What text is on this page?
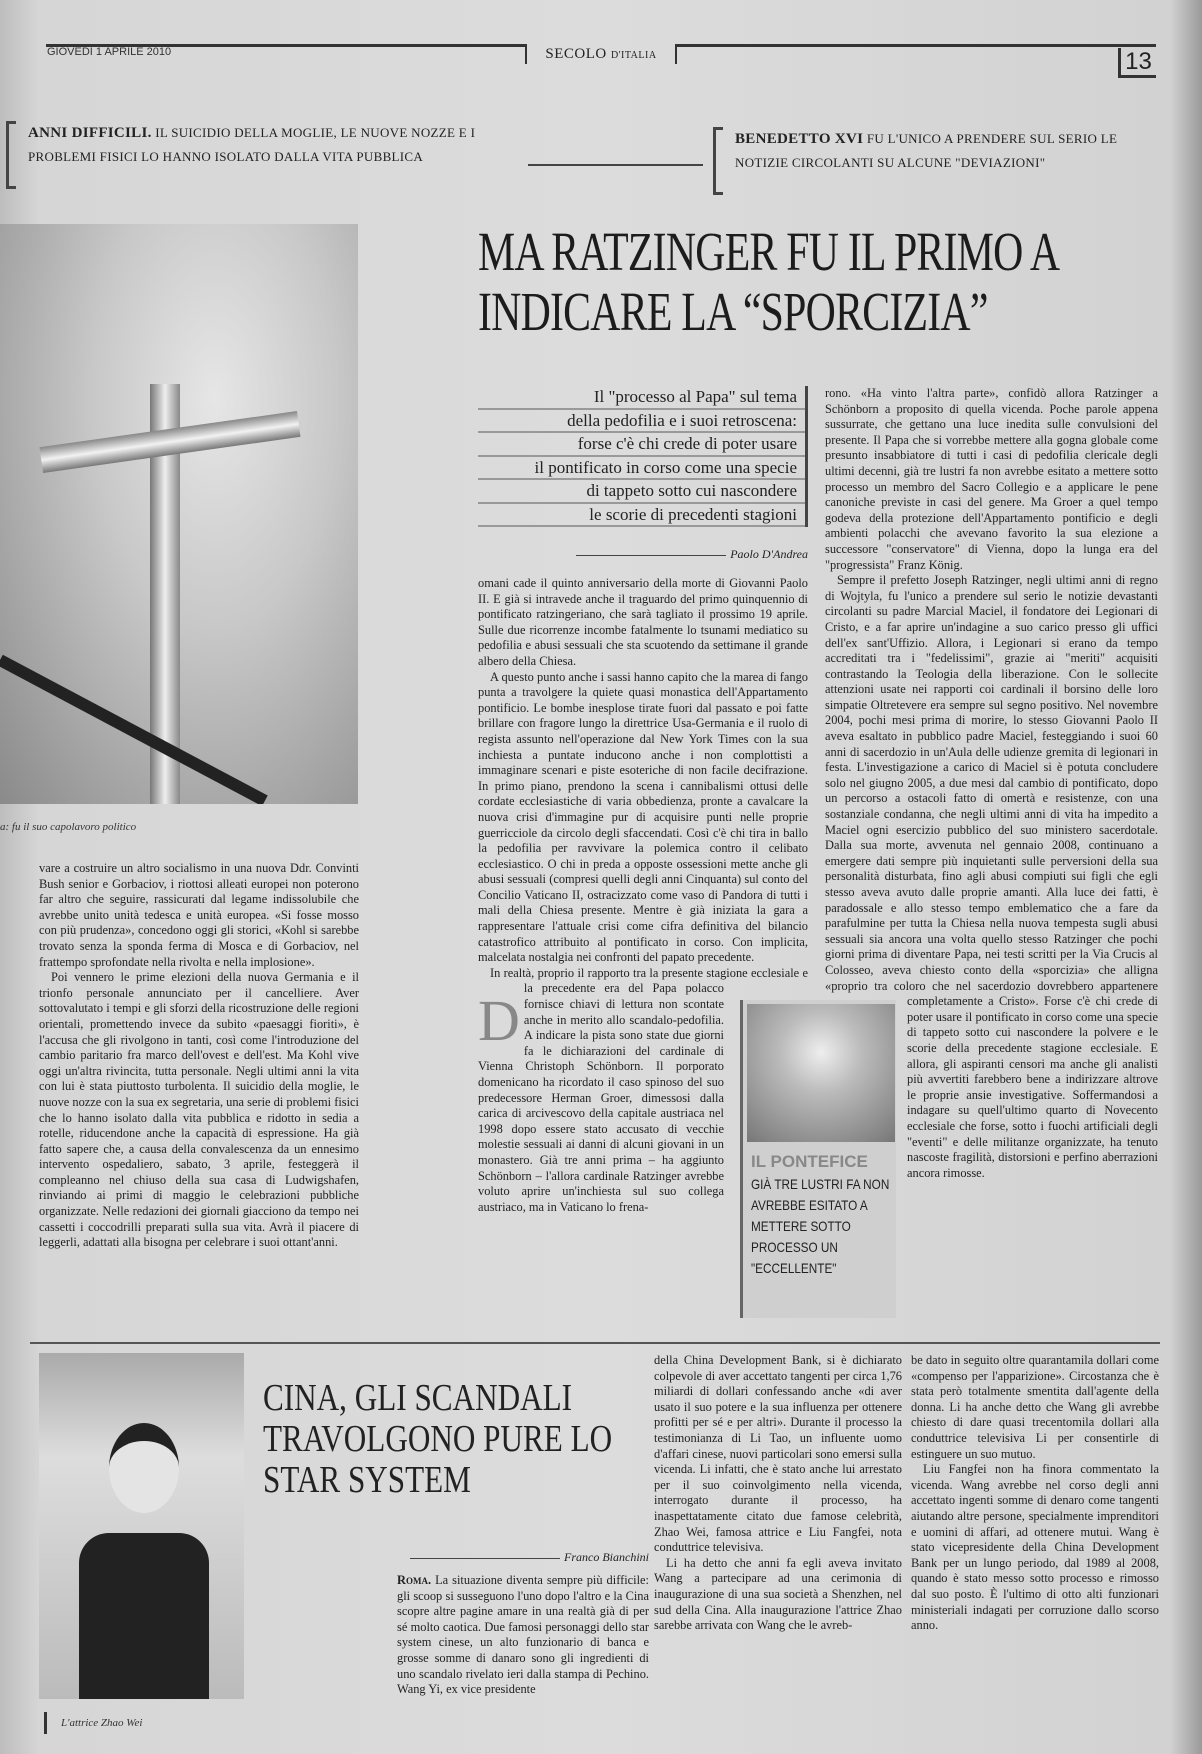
GIOVEDÌ 1 APRILE 2010	SECOLO D'ITALIA	13
ANNI DIFFICILI. IL SUICIDIO DELLA MOGLIE, LE NUOVE NOZZE E I PROBLEMI FISICI LO HANNO ISOLATO DALLA VITA PUBBLICA
BENEDETTO XVI FU L'UNICO A PRENDERE SUL SERIO LE NOTIZIE CIRCOLANTI SU ALCUNE "DEVIAZIONI"
a: fu il suo capolavoro politico
MA RATZINGER FU IL PRIMO A INDICARE LA “SPORCIZIA”
Il "processo al Papa" sul tema
della pedofilia e i suoi retroscena:
forse c'è chi crede di poter usare
il pontificato in corso come una specie
di tappeto sotto cui nascondere
le scorie di precedenti stagioni
Paolo D'Andrea

D
omani cade il quinto anniversario della morte di Giovanni Paolo II. E già si intravede anche il traguardo del primo quinquennio di pontificato ratzingeriano, che sarà tagliato il prossimo 19 aprile. Sulle due ricorrenze incombe fatalmente lo tsunami mediatico su pedofilia e abusi sessuali che sta scuotendo da settimane il grande albero della Chiesa.

A questo punto anche i sassi hanno capito che la marea di fango punta a travolgere la quiete quasi monastica dell'Appartamento pontificio. Le bombe inesplose tirate fuori dal passato e poi fatte brillare con fragore lungo la direttrice Usa-Germania e il ruolo di regista assunto nell'operazione dal New York Times con la sua inchiesta a puntate inducono anche i non complottisti a immaginare scenari e piste esoteriche di non facile decifrazione. In primo piano, prendono la scena i cannibalismi ottusi delle cordate ecclesiastiche di varia obbedienza, pronte a cavalcare la nuova crisi d'immagine pur di acquisire punti nelle proprie guerricciole da circolo degli sfaccendati. Così c'è chi tira in ballo la pedofilia per ravvivare la polemica contro il celibato ecclesiastico. O chi in preda a opposte ossessioni mette anche gli abusi sessuali (compresi quelli degli anni Cinquanta) sul conto del Concilio Vaticano II, ostracizzato come vaso di Pandora di tutti i mali della Chiesa presente. Mentre è già iniziata la gara a rappresentare l'attuale crisi come cifra definitiva del bilancio catastrofico attribuito al pontificato in corso. Con implicita, malcelata nostalgia nei confronti del papato precedente.

In realtà, proprio il rapporto tra la presente stagione ecclesiale e la precedente era del Papa polacco fornisce chiavi di lettura non scontate anche in merito allo scandalo-pedofilia. A indicare la pista sono state due giorni fa le dichiarazioni del cardinale di Vienna Christoph Schönborn. Il porporato domenicano ha ricordato il caso spinoso del suo predecessore Herman Groer, dimessosi dalla carica di arcivescovo della capitale austriaca nel 1998 dopo essere stato accusato di vecchie molestie sessuali ai danni di alcuni giovani in un monastero. Già tre anni prima – ha aggiunto Schönborn – l'allora cardinale Ratzinger avrebbe voluto aprire un'inchiesta sul suo collega austriaco, ma in Vaticano lo frena-

rono. «Ha vinto l'altra parte», confidò allora Ratzinger a Schönborn a proposito di quella vicenda. Poche parole appena sussurrate, che gettano una luce inedita sulle convulsioni del presente. Il Papa che si vorrebbe mettere alla gogna globale come presunto insabbiatore di tutti i casi di pedofilia clericale degli ultimi decenni, già tre lustri fa non avrebbe esitato a mettere sotto processo un membro del Sacro Collegio e a applicare le pene canoniche previste in casi del genere. Ma Groer a quel tempo godeva della protezione dell'Appartamento pontificio e degli ambienti polacchi che avevano favorito la sua elezione a successore "conservatore" di Vienna, dopo la lunga era del "progressista" Franz König.

Sempre il prefetto Joseph Ratzinger, negli ultimi anni di regno di Wojtyla, fu l'unico a prendere sul serio le notizie devastanti circolanti su padre Marcial Maciel, il fondatore dei Legionari di Cristo, e a far aprire un'indagine a suo carico presso gli uffici dell'ex sant'Uffizio. Allora, i Legionari si erano da tempo accreditati tra i "fedelissimi", grazie ai "meriti" acquisiti contrastando la Teologia della liberazione. Con le sollecite attenzioni usate nei rapporti coi cardinali il borsino delle loro simpatie Oltretevere era sempre sul segno positivo. Nel novembre 2004, pochi mesi prima di morire, lo stesso Giovanni Paolo II aveva esaltato in pubblico padre Maciel, festeggiando i suoi 60 anni di sacerdozio in un'Aula delle udienze gremita di legionari in festa. L'investigazione a carico di Maciel si è potuta concludere solo nel giugno 2005, a due mesi dal cambio di pontificato, dopo un percorso a ostacoli fatto di omertà e resistenze, con una sostanziale condanna, che negli ultimi anni di vita ha impedito a Maciel ogni esercizio pubblico del suo ministero sacerdotale. Dalla sua morte, avvenuta nel gennaio 2008, continuano a emergere dati sempre più inquietanti sulle perversioni della sua personalità disturbata, fino agli abusi compiuti sui figli che egli stesso aveva avuto dalle proprie amanti. Alla luce dei fatti, è paradossale e allo stesso tempo emblematico che a fare da parafulmine per tutta la Chiesa nella nuova tempesta sugli abusi sessuali sia ancora una volta quello stesso Ratzinger che pochi giorni prima di diventare Papa, nei testi scritti per la Via Crucis al Colosseo, aveva chiesto conto della «sporcizia» che alligna «proprio tra coloro che nel sacerdozio dovrebbero appartenere completamente a Cristo». Forse c'è chi crede di poter usare il pontificato in corso come una specie di tappeto sotto cui nascondere la polvere e le scorie della precedente stagione ecclesiale. E allora, gli aspiranti censori ma anche gli analisti più avvertiti farebbero bene a indirizzare altrove le proprie ansie investigative. Soffermandosi a indagare su quell'ultimo quarto di Novecento ecclesiale che forse, sotto i fuochi artificiali degli "eventi" e delle militanze organizzate, ha tenuto nascoste fragilità, distorsioni e perfino aberrazioni ancora rimosse.

IL PONTEFICE
GIÀ TRE LUSTRI FA NON AVREBBE ESITATO A METTERE SOTTO PROCESSO UN "ECCELLENTE"

vare a costruire un altro socialismo in una nuova Ddr. Convinti Bush senior e Gorbaciov, i riottosi alleati europei non poterono far altro che seguire, rassicurati dal legame indissolubile che avrebbe unito unità tedesca e unità europea. «Si fosse mosso con più prudenza», concedono oggi gli storici, «Kohl si sarebbe trovato senza la sponda ferma di Mosca e di Gorbaciov, nel frattempo sprofondate nella rivolta e nella implosione».

Poi vennero le prime elezioni della nuova Germania e il trionfo personale annunciato per il cancelliere. Aver sottovalutato i tempi e gli sforzi della ricostruzione delle regioni orientali, promettendo invece da subito «paesaggi fioriti», è l'accusa che gli rivolgono in tanti, così come l'introduzione del cambio paritario fra marco dell'ovest e dell'est. Ma Kohl vive oggi un'altra rivincita, tutta personale. Negli ultimi anni la vita con lui è stata piuttosto turbolenta. Il suicidio della moglie, le nuove nozze con la sua ex segretaria, una serie di problemi fisici che lo hanno isolato dalla vita pubblica e ridotto in sedia a rotelle, riducendone anche la capacità di espressione. Ha già fatto sapere che, a causa della convalescenza da un ennesimo intervento ospedaliero, sabato, 3 aprile, festeggerà il compleanno nel chiuso della sua casa di Ludwigshafen, rinviando ai primi di maggio le celebrazioni pubbliche organizzate. Nelle redazioni dei giornali giacciono da tempo nei cassetti i coccodrilli preparati sulla sua vita. Avrà il piacere di leggerli, adattati alla bisogna per celebrare i suoi ottant'anni.

L'attrice Zhao Wei
CINA, GLI SCANDALI TRAVOLGONO PURE LO STAR SYSTEM
Franco Bianchini

Roma. La situazione diventa sempre più difficile: gli scoop si susseguono l'uno dopo l'altro e la Cina scopre altre pagine amare in una realtà già di per sé molto caotica. Due famosi personaggi dello star system cinese, un alto funzionario di banca e grosse somme di danaro sono gli ingredienti di uno scandalo rivelato ieri dalla stampa di Pechino. Wang Yi, ex vice presidente

della China Development Bank, si è dichiarato colpevole di aver accettato tangenti per circa 1,76 miliardi di dollari confessando anche «di aver usato il suo potere e la sua influenza per ottenere profitti per sé e per altri». Durante il processo la testimonianza di Li Tao, un influente uomo d'affari cinese, nuovi particolari sono emersi sulla vicenda. Li infatti, che è stato anche lui arrestato per il suo coinvolgimento nella vicenda, interrogato durante il processo, ha inaspettatamente citato due famose celebrità, Zhao Wei, famosa attrice e Liu Fangfei, nota conduttrice televisiva.

Li ha detto che anni fa egli aveva invitato Wang a partecipare ad una cerimonia di inaugurazione di una sua società a Shenzhen, nel sud della Cina. Alla inaugurazione l'attrice Zhao sarebbe arrivata con Wang che le avreb-

be dato in seguito oltre quarantamila dollari come «compenso per l'apparizione». Circostanza che è stata però totalmente smentita dall'agente della donna. Li ha anche detto che Wang gli avrebbe chiesto di dare quasi trecentomila dollari alla conduttrice televisiva Li per consentirle di estinguere un suo mutuo.

Liu Fangfei non ha finora commentato la vicenda. Wang avrebbe nel corso degli anni accettato ingenti somme di denaro come tangenti aiutando altre persone, specialmente imprenditori e uomini di affari, ad ottenere mutui. Wang è stato vicepresidente della China Development Bank per un lungo periodo, dal 1989 al 2008, quando è stato messo sotto processo e rimosso dal suo posto. È l'ultimo di otto alti funzionari ministeriali indagati per corruzione dallo scorso anno.
